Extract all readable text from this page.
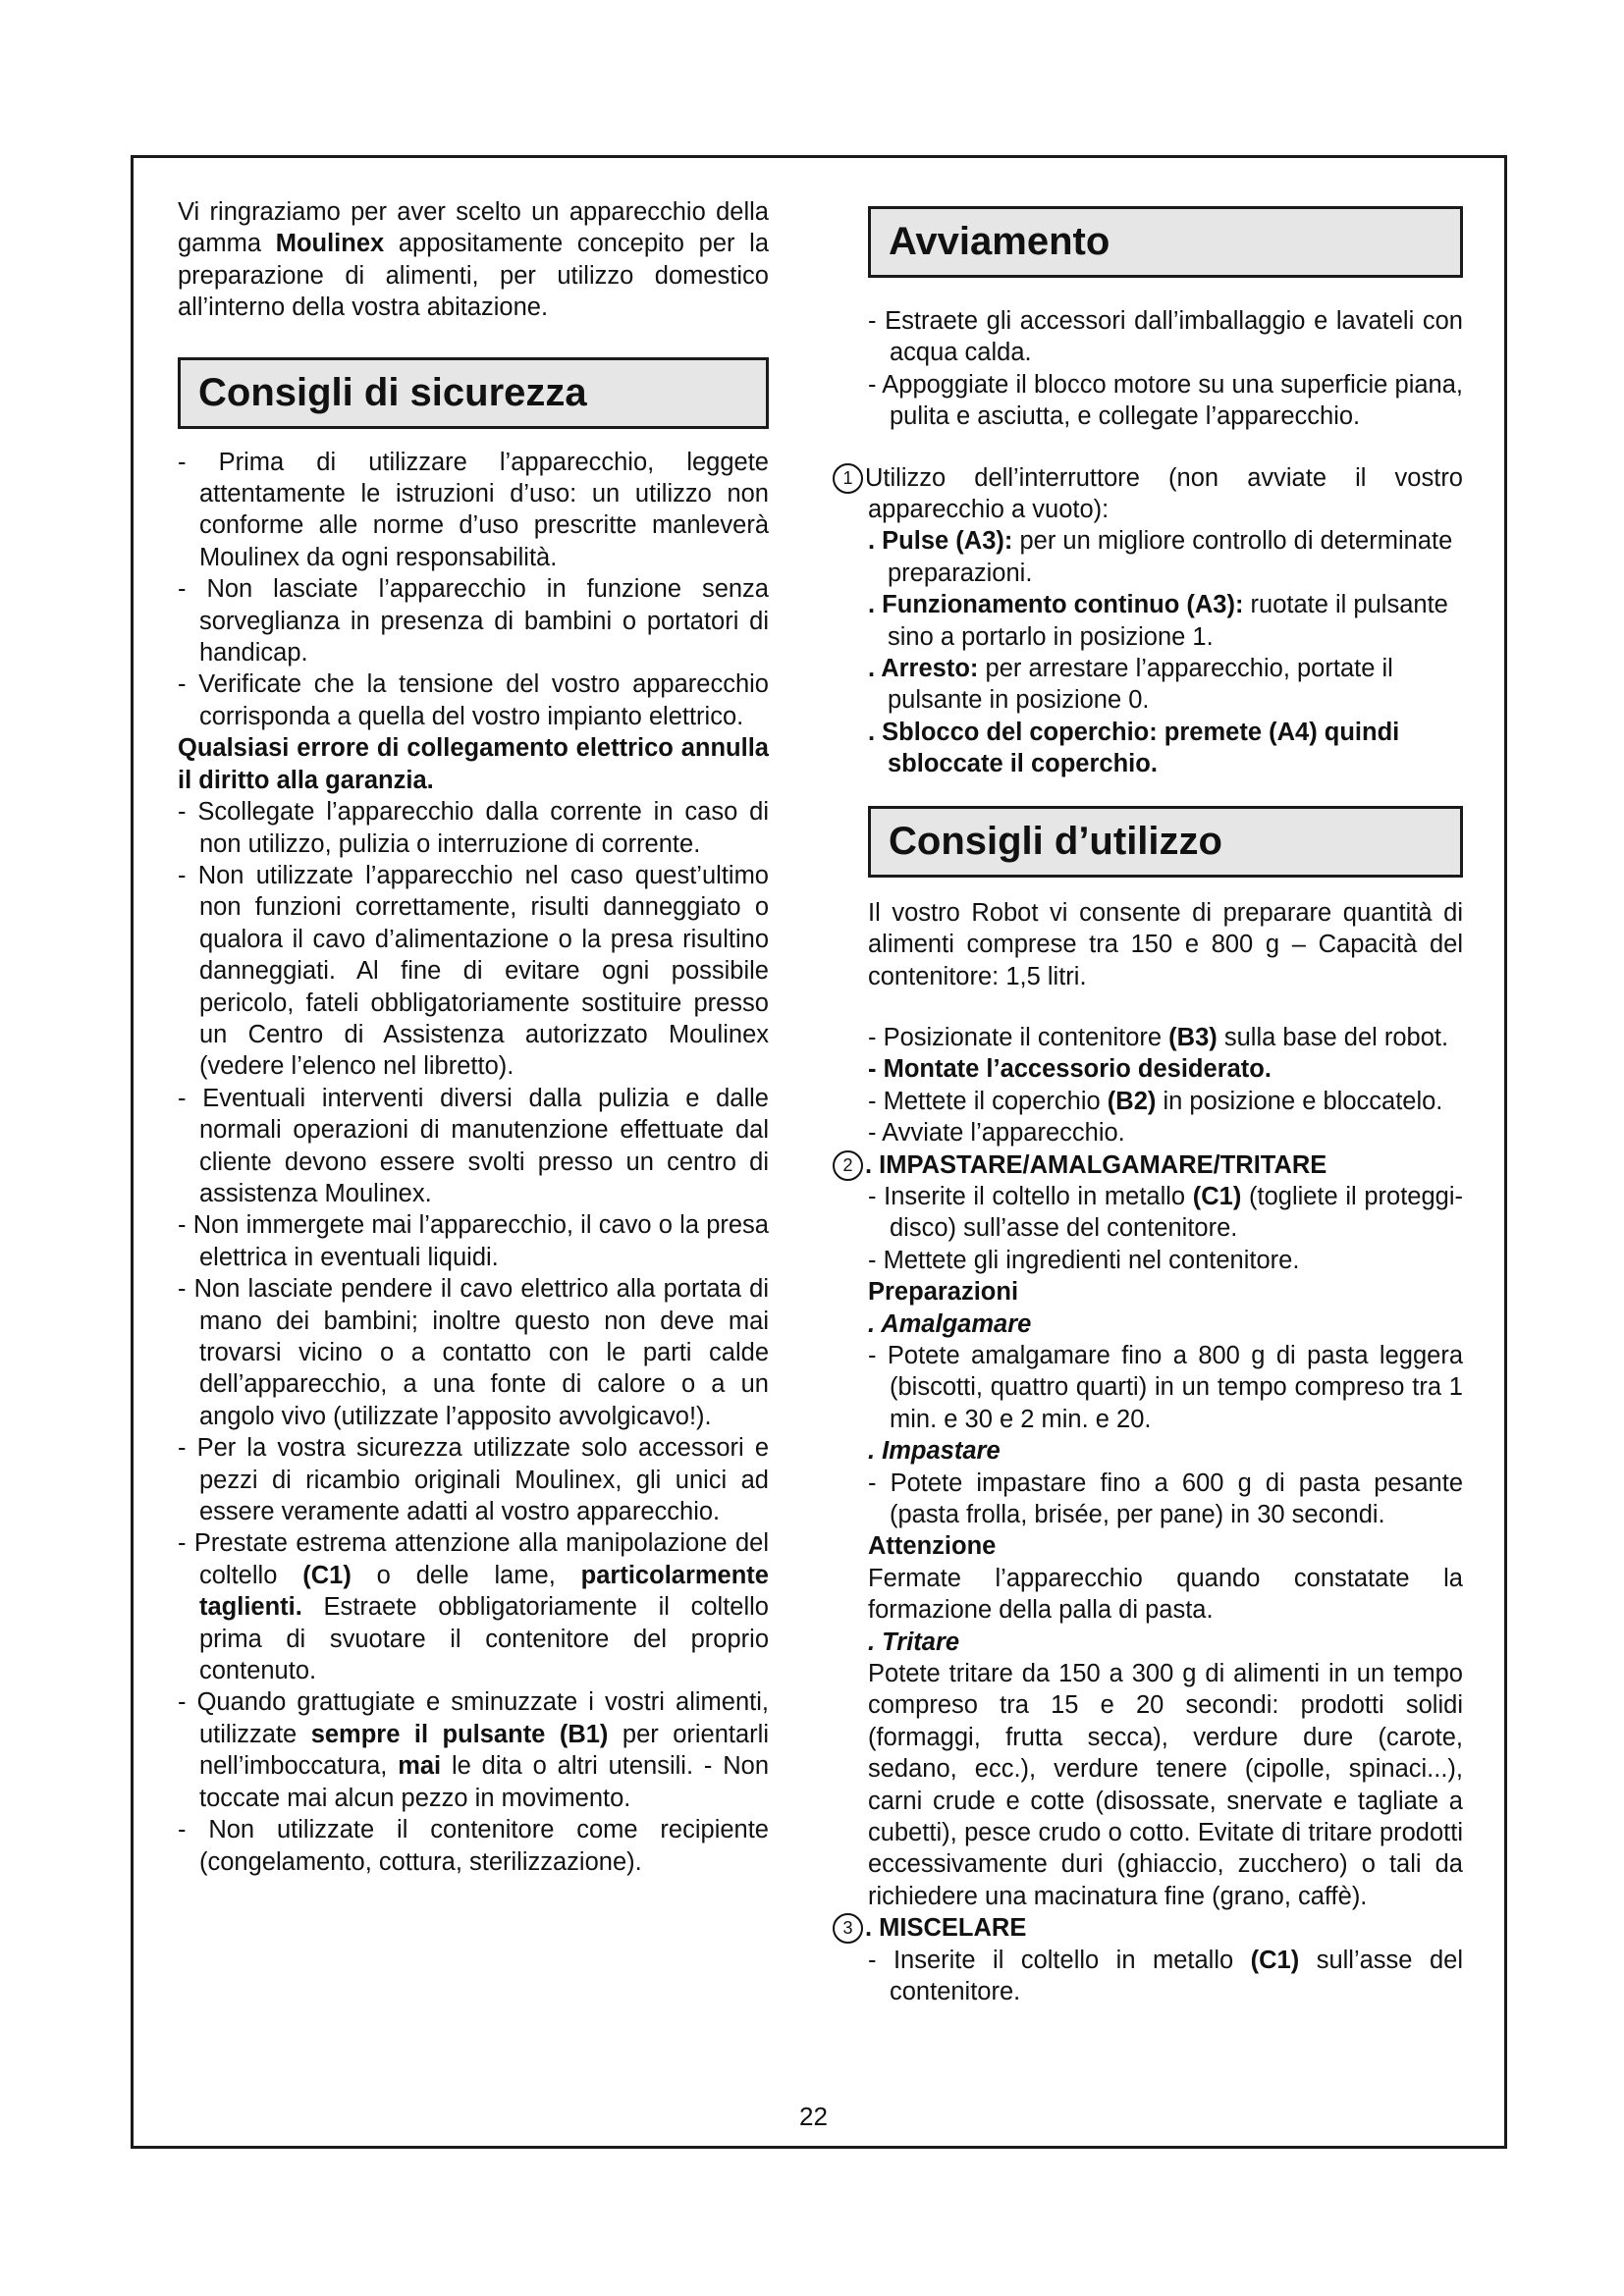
Vi ringraziamo per aver scelto un apparecchio della gamma Moulinex appositamente concepito per la preparazione di alimenti, per utilizzo domestico all’interno della vostra abitazione.

Consigli di sicurezza

- Prima di utilizzare l’apparecchio, leggete attentamente le istruzioni d’uso: un utilizzo non conforme alle norme d’uso prescritte manleverà Moulinex da ogni responsabilità.

- Non lasciate l’apparecchio in funzione senza sorveglianza in presenza di bambini o portatori di handicap.

- Verificate che la tensione del vostro apparecchio corrisponda a quella del vostro impianto elettrico.

Qualsiasi errore di collegamento elettrico annulla il diritto alla garanzia.

- Scollegate l’apparecchio dalla corrente in caso di non utilizzo, pulizia o interruzione di corrente.

- Non utilizzate l’apparecchio nel caso quest’ultimo non funzioni correttamente, risulti danneggiato o qualora il cavo d’alimentazione o la presa risultino danneggiati. Al fine di evitare ogni possibile pericolo, fateli obbligatoriamente sostituire presso un Centro di Assistenza autorizzato Moulinex (vedere l’elenco nel libretto).

- Eventuali interventi diversi dalla pulizia e dalle normali operazioni di manutenzione effettuate dal cliente devono essere svolti presso un centro di assistenza Moulinex.

- Non immergete mai l’apparecchio, il cavo o la presa elettrica in eventuali liquidi.

- Non lasciate pendere il cavo elettrico alla portata di mano dei bambini; inoltre questo non deve mai trovarsi vicino o a contatto con le parti calde dell’apparecchio, a una fonte di calore o a un angolo vivo (utilizzate l’apposito avvolgicavo!).

- Per la vostra sicurezza utilizzate solo accessori e pezzi di ricambio originali Moulinex, gli unici ad essere veramente adatti al vostro apparecchio.

- Prestate estrema attenzione alla manipolazione del coltello (C1) o delle lame, particolarmente taglienti. Estraete obbligatoriamente il coltello prima di svuotare il contenitore del proprio contenuto.

- Quando grattugiate e sminuzzate i vostri alimenti, utilizzate sempre il pulsante (B1) per orientarli nell’imboccatura, mai le dita o altri utensili. - Non toccate mai alcun pezzo in movimento.

- Non utilizzate il contenitore come recipiente (congelamento, cottura, sterilizzazione).

Avviamento

- Estraete gli accessori dall’imballaggio e lavateli con acqua calda.

- Appoggiate il blocco motore su una superficie piana, pulita e asciutta, e collegate l’apparecchio.

1 Utilizzo dell’interruttore (non avviate il vostro apparecchio a vuoto):

. Pulse (A3): per un migliore controllo di determinate preparazioni.

. Funzionamento continuo (A3): ruotate il pulsante sino a portarlo in posizione 1.

. Arresto: per arrestare l’apparecchio, portate il pulsante in posizione 0.

. Sblocco del coperchio: premete (A4) quindi sbloccate il coperchio.

Consigli d’utilizzo

Il vostro Robot vi consente di preparare quantità di alimenti comprese tra 150 e 800 g – Capacità del contenitore: 1,5 litri.

- Posizionate il contenitore (B3) sulla base del robot.

- Montate l’accessorio desiderato.

- Mettete il coperchio (B2) in posizione e bloccatelo.

- Avviate l’apparecchio.

2 . IMPASTARE/AMALGAMARE/TRITARE

- Inserite il coltello in metallo (C1) (togliete il proteggi-disco) sull’asse del contenitore.

- Mettete gli ingredienti nel contenitore.

Preparazioni

. Amalgamare

- Potete amalgamare fino a 800 g di pasta leggera (biscotti, quattro quarti) in un tempo compreso tra 1 min. e 30 e 2 min. e 20.

. Impastare

- Potete impastare fino a 600 g di pasta pesante (pasta frolla, brisée, per pane) in 30 secondi.

Attenzione

Fermate l’apparecchio quando constatate la formazione della palla di pasta.

. Tritare

Potete tritare da 150 a 300 g di alimenti in un tempo compreso tra 15 e 20 secondi: prodotti solidi (formaggi, frutta secca), verdure dure (carote, sedano, ecc.), verdure tenere (cipolle, spinaci...), carni crude e cotte (disossate, snervate e tagliate a cubetti), pesce crudo o cotto. Evitate di tritare prodotti eccessivamente duri (ghiaccio, zucchero) o tali da richiedere una macinatura fine (grano, caffè).

3 . MISCELARE

- Inserite il coltello in metallo (C1) sull’asse del contenitore.

22
